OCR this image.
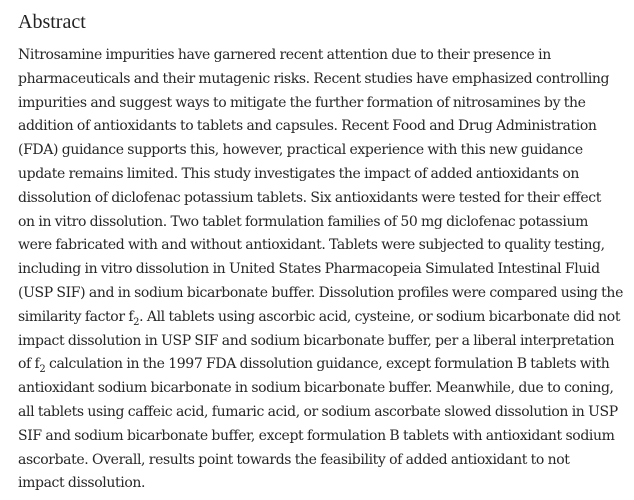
Abstract

Nitrosamine impurities have garnered recent attention due to their presence in
pharmaceuticals and their mutagenic risks. Recent studies have emphasized controlling
impurities and suggest ways to mitigate the further formation of nitrosamines by the
addition of antioxidants to tablets and capsules. Recent Food and Drug Administration
(FDA) guidance supports this, however, practical experience with this new guidance
update remains limited. This study investigates the impact of added antioxidants on
dissolution of diclofenac potassium tablets. Six antioxidants were tested for their effect
on in vitro dissolution. Two tablet formulation families of 50 mg diclofenac potassium
were fabricated with and without antioxidant. Tablets were subjected to quality testing,
including in vitro dissolution in United States Pharmacopeia Simulated Intestinal Fluid
(USP SIF) and in sodium bicarbonate buffer. Dissolution profiles were compared using the
similarity factor $f_2$. All tablets using ascorbic acid, cysteine, or sodium bicarbonate did not
impact dissolution in USP SIF and sodium bicarbonate buffer, per a liberal interpretation
of $f_2$ calculation in the 1997 FDA dissolution guidance, except formulation B tablets with
antioxidant sodium bicarbonate in sodium bicarbonate buffer. Meanwhile, due to coning,
all tablets using caffeic acid, fumaric acid, or sodium ascorbate slowed dissolution in USP
SIF and sodium bicarbonate buffer, except formulation B tablets with antioxidant sodium
ascorbate. Overall, results point towards the feasibility of added antioxidant to not
impact dissolution.
